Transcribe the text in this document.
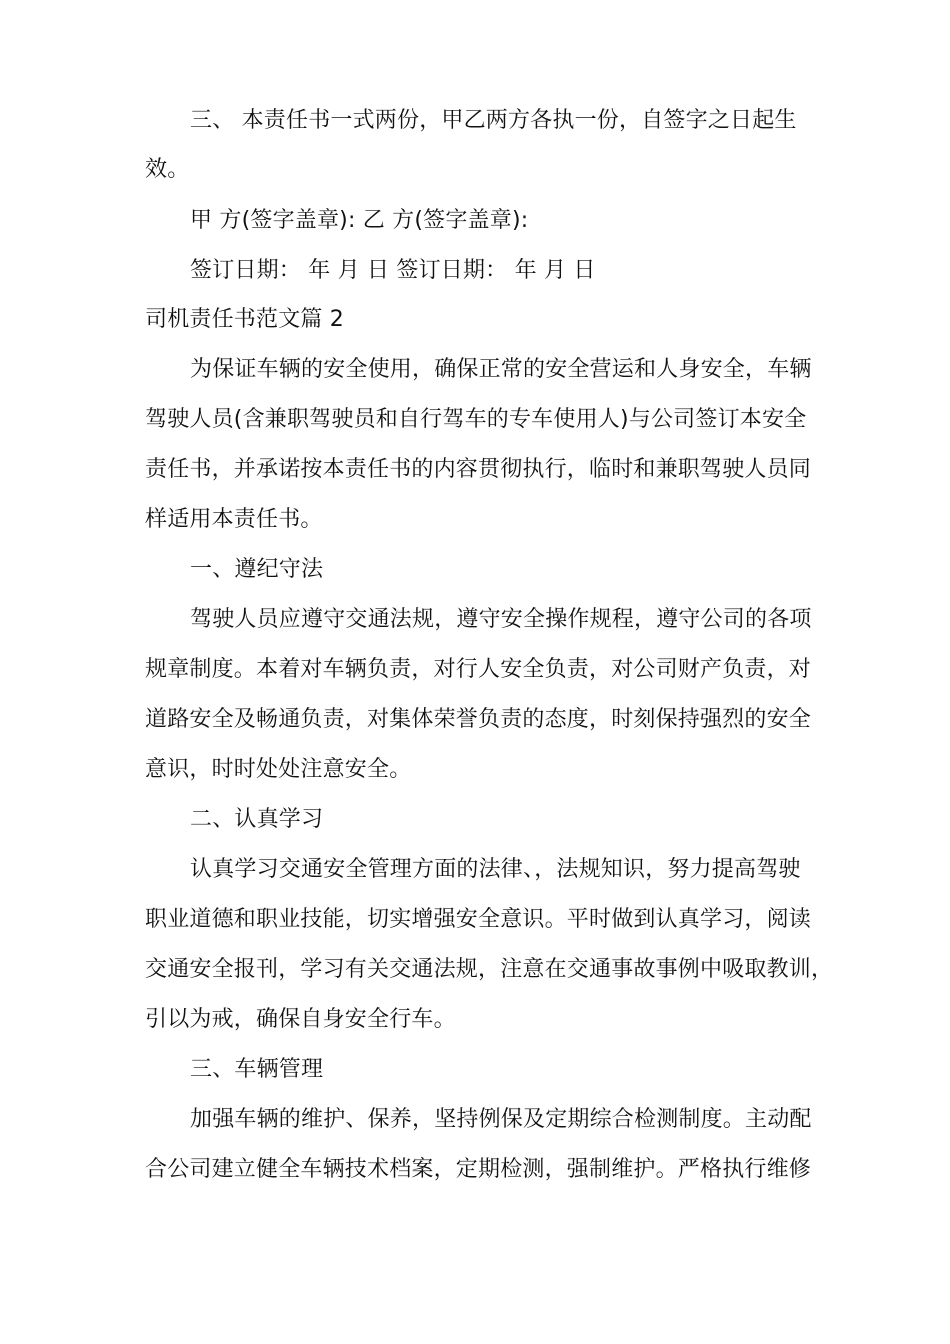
三、 本责任书一式两份，甲乙两方各执一份，自签字之日起生
效。
甲 方(签字盖章): 乙 方(签字盖章):
签订日期： 年 月 日 签订日期： 年 月 日
司机责任书范文篇 2
为保证车辆的安全使用，确保正常的安全营运和人身安全，车辆
驾驶人员(含兼职驾驶员和自行驾车的专车使用人)与公司签订本安全
责任书，并承诺按本责任书的内容贯彻执行，临时和兼职驾驶人员同
样适用本责任书。
一、遵纪守法
驾驶人员应遵守交通法规，遵守安全操作规程，遵守公司的各项
规章制度。本着对车辆负责，对行人安全负责，对公司财产负责，对
道路安全及畅通负责，对集体荣誉负责的态度，时刻保持强烈的安全
意识，时时处处注意安全。
二、认真学习
认真学习交通安全管理方面的法律、，法规知识，努力提高驾驶
职业道德和职业技能，切实增强安全意识。平时做到认真学习，阅读
交通安全报刊，学习有关交通法规，注意在交通事故事例中吸取教训，
引以为戒，确保自身安全行车。
三、车辆管理
加强车辆的维护、保养，坚持例保及定期综合检测制度。主动配
合公司建立健全车辆技术档案，定期检测，强制维护。严格执行维修
